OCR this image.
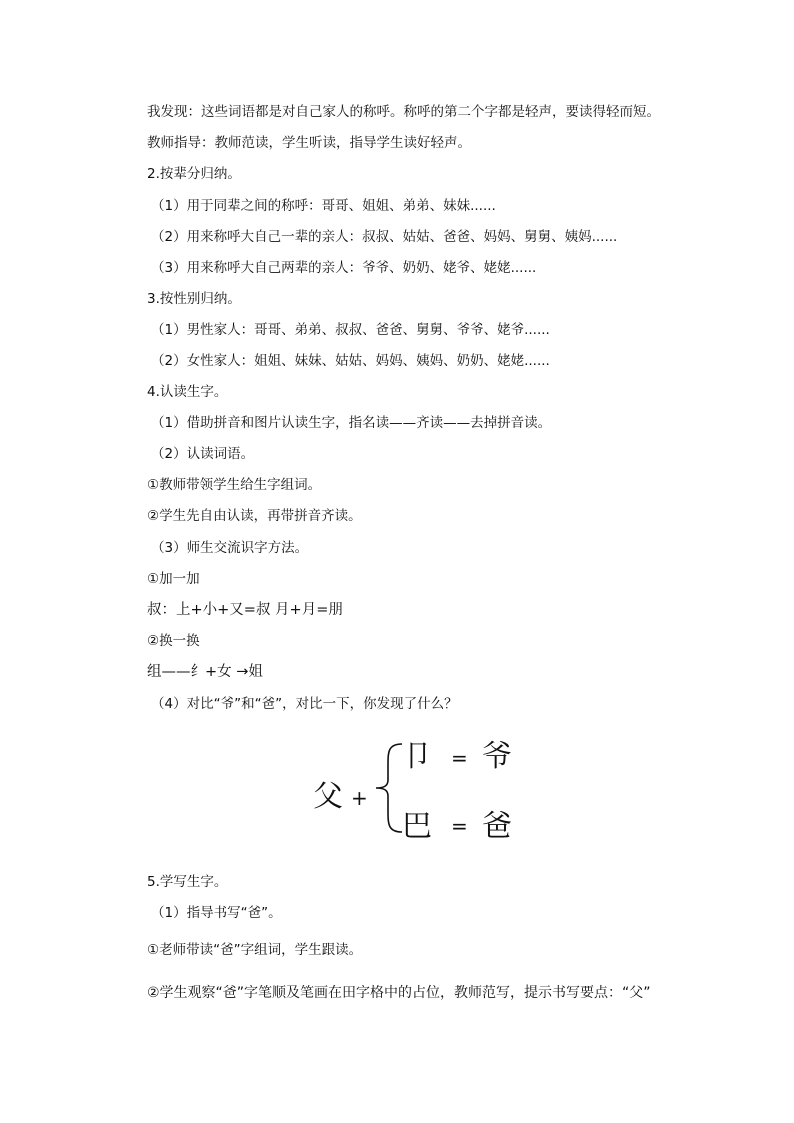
我发现：这些词语都是对自己家人的称呼。称呼的第二个字都是轻声，要读得轻而短。
教师指导：教师范读，学生听读，指导学生读好轻声。
2.按辈分归纳。
（1）用于同辈之间的称呼：哥哥、姐姐、弟弟、妹妹......
（2）用来称呼大自己一辈的亲人：叔叔、姑姑、爸爸、妈妈、舅舅、姨妈......
（3）用来称呼大自己两辈的亲人：爷爷、奶奶、姥爷、姥姥......
3.按性别归纳。
（1）男性家人：哥哥、弟弟、叔叔、爸爸、舅舅、爷爷、姥爷......
（2）女性家人：姐姐、妹妹、姑姑、妈妈、姨妈、奶奶、姥姥......
4.认读生字。
（1）借助拼音和图片认读生字，指名读——齐读——去掉拼音读。
（2）认读词语。
①教师带领学生给生字组词。
②学生先自由认读，再带拼音齐读。
（3）师生交流识字方法。
①加一加
叔：上+小+又=叔 月+月=朋
②换一换
组——纟+女 →姐
（4）对比“爷”和“爸”，对比一下，你发现了什么？
父 +
卩 = 爷
巴 = 爸
5.学写生字。
（1）指导书写“爸”。
①老师带读“爸”字组词，学生跟读。
②学生观察“爸”字笔顺及笔画在田字格中的占位，教师范写，提示书写要点：“父”
